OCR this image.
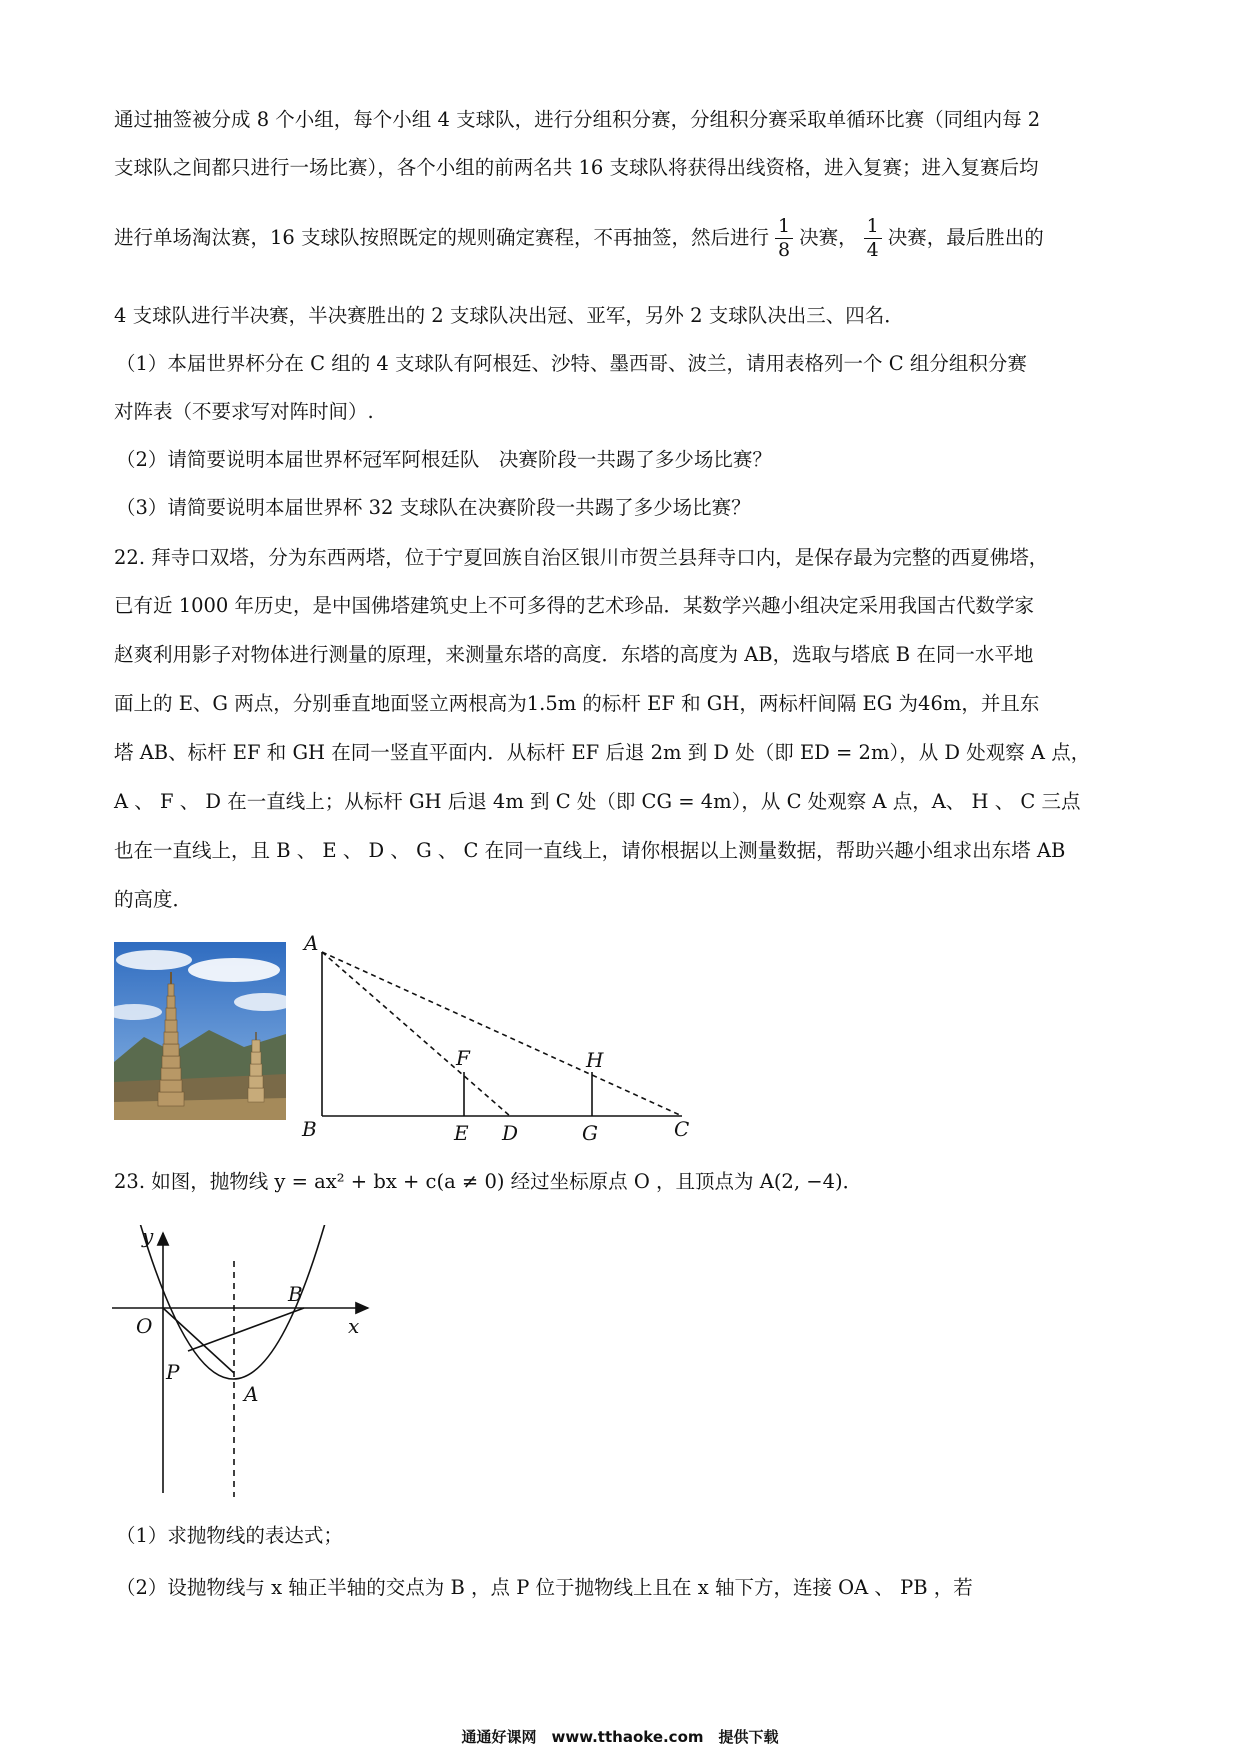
通过抽签被分成 8 个小组，每个小组 4 支球队，进行分组积分赛，分组积分赛采取单循环比赛（同组内每 2
支球队之间都只进行一场比赛），各个小组的前两名共 16 支球队将获得出线资格，进入复赛；进入复赛后均
进行单场淘汰赛，16 支球队按照既定的规则确定赛程，不再抽签，然后进行 $\frac{1}{8}$ 决赛， $\frac{1}{4}$ 决赛，最后胜出的
4 支球队进行半决赛，半决赛胜出的 2 支球队决出冠、亚军，另外 2 支球队决出三、四名．
（1）本届世界杯分在 C 组的 4 支球队有阿根廷、沙特、墨西哥、波兰，请用表格列一个 C 组分组积分赛
对阵表（不要求写对阵时间）.
（2）请简要说明本届世界杯冠军阿根廷队　决赛阶段一共踢了多少场比赛？
（3）请简要说明本届世界杯 32 支球队在决赛阶段一共踢了多少场比赛？
22. 拜寺口双塔，分为东西两塔，位于宁夏回族自治区银川市贺兰县拜寺口内，是保存最为完整的西夏佛塔，
已有近 1000 年历史，是中国佛塔建筑史上不可多得的艺术珍品．某数学兴趣小组决定采用我国古代数学家
赵爽利用影子对物体进行测量的原理，来测量东塔的高度．东塔的高度为 AB，选取与塔底 B 在同一水平地
面上的 E、G 两点，分别垂直地面竖立两根高为1.5m 的标杆 EF 和 GH，两标杆间隔 EG 为46m，并且东
塔 AB、标杆 EF 和 GH 在同一竖直平面内．从标杆 EF 后退 2m 到 D 处（即 ED = 2m），从 D 处观察 A 点，
A 、 F 、 D 在一直线上；从标杆 GH 后退 4m 到 C 处（即 CG = 4m），从 C 处观察 A 点，A、 H 、 C 三点
也在一直线上，且 B 、 E 、 D 、 G 、 C 在同一直线上，请你根据以上测量数据，帮助兴趣小组求出东塔 AB
的高度．
A
B
F
E D
H
G	C
23. 如图，抛物线 y = ax² + bx + c(a ≠ 0) 经过坐标原点 O ，且顶点为 A(2, −4)．
y
x
O
B
P
A
（1）求抛物线的表达式；
（2）设抛物线与 x 轴正半轴的交点为 B ，点 P 位于抛物线上且在 x 轴下方，连接 OA 、 PB ，若
通通好课网　www.tthaoke.com　提供下载
